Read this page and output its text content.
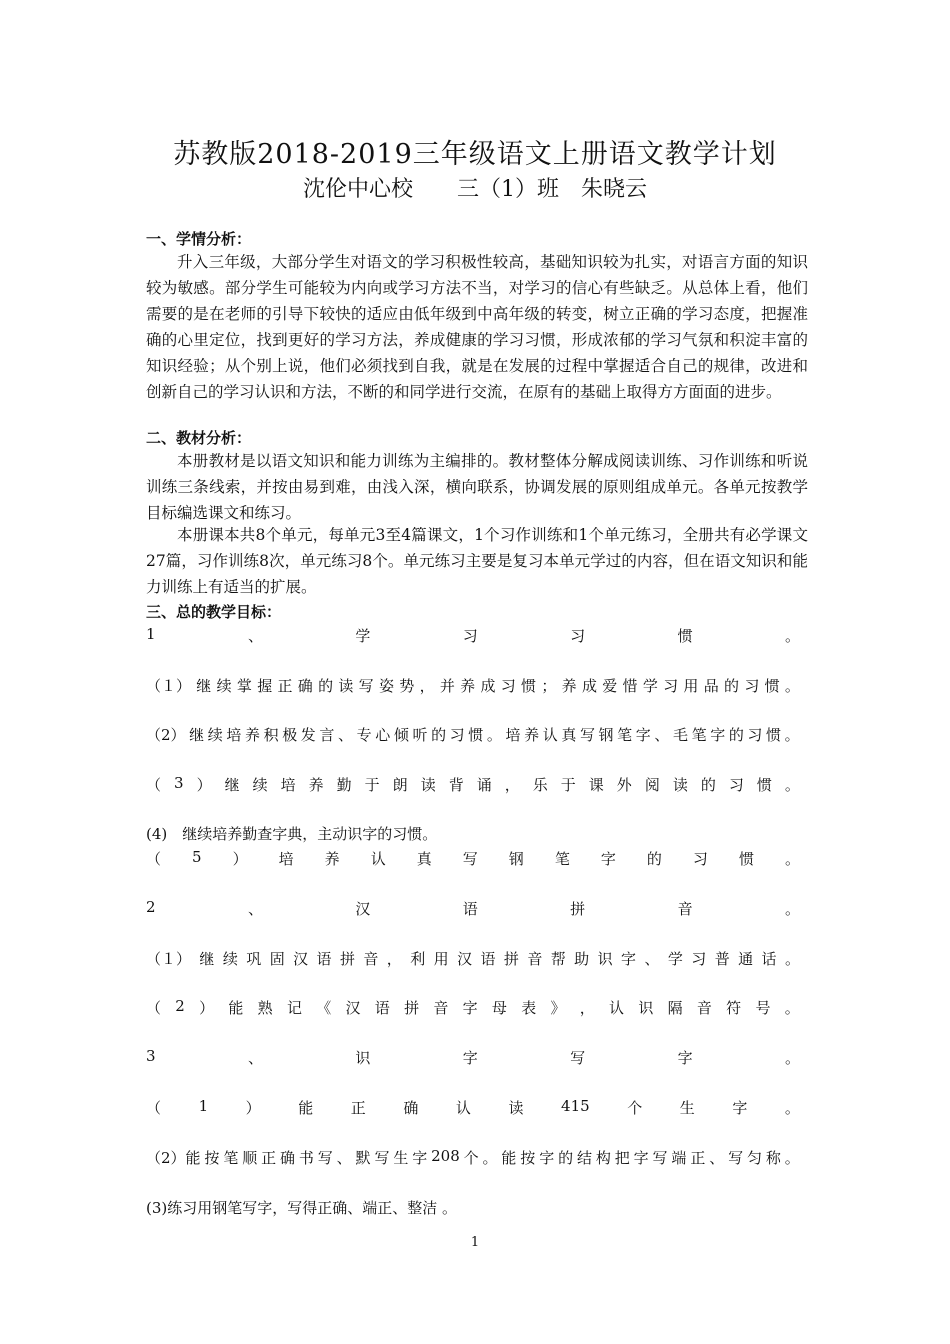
苏教版2018-2019三年级语文上册语文教学计划
沈伦中心校　　三（1）班　朱晓云
一、学情分析：
升入三年级，大部分学生对语文的学习积极性较高，基础知识较为扎实，对语言方面的知识较为敏感。部分学生可能较为内向或学习方法不当，对学习的信心有些缺乏。从总体上看，他们需要的是在老师的引导下较快的适应由低年级到中高年级的转变，树立正确的学习态度，把握准确的心里定位，找到更好的学习方法，养成健康的学习习惯，形成浓郁的学习气氛和积淀丰富的知识经验；从个别上说，他们必须找到自我，就是在发展的过程中掌握适合自己的规律，改进和创新自己的学习认识和方法，不断的和同学进行交流，在原有的基础上取得方方面面的进步。
二、教材分析：
本册教材是以语文知识和能力训练为主编排的。教材整体分解成阅读训练、习作训练和听说训练三条线索，并按由易到难，由浅入深，横向联系，协调发展的原则组成单元。各单元按教学目标编选课文和练习。
本册课本共8个单元，每单元3至4篇课文，1个习作训练和1个单元练习，全册共有必学课文27篇，习作训练8次，单元练习8个。单元练习主要是复习本单元学过的内容，但在语文知识和能力训练上有适当的扩展。
三、总的教学目标：
1	、	学	习	习	惯	。
（１） 继 续 掌 握 正 确 的 读 写 姿 势 ， 并 养 成 习 惯 ； 养 成 爱 惜 学 习 用 品 的 习 惯 。
（2） 继 续 培 养 积 极 发 言 、 专 心 倾 听 的 习 惯 。 培 养 认 真 写 钢 笔 字 、 毛 笔 字 的 习 惯 。
（ 3 ） 继 续 培 养 勤 于 朗 读 背 诵 ， 乐 于 课 外 阅 读 的 习 惯 。
(4)　继续培养勤查字典，主动识字的习惯。
（ 5 ） 培 养 认 真 写 钢 笔 字 的 习 惯 。
2	、	汉	语	拼	音	。
（１） 继 续 巩 固 汉 语 拼 音 ， 利 用 汉 语 拼 音 帮 助 识 字 、 学 习 普 通 话 。
（ 2 ） 能 熟 记 《 汉 语 拼 音 字 母 表 》 ， 认 识 隔 音 符 号 。
3	、	识	字	写	字	。
（	1	）	能	正	确	认	读	415	个	生	字	。
（2）能 按 笔 顺 正 确 书 写 、 默 写 生 字 208 个 。 能 按 字 的 结 构 把 字 写 端 正 、 写 匀 称 。
(3)练习用钢笔写字，写得正确、端正、整洁 。
1
